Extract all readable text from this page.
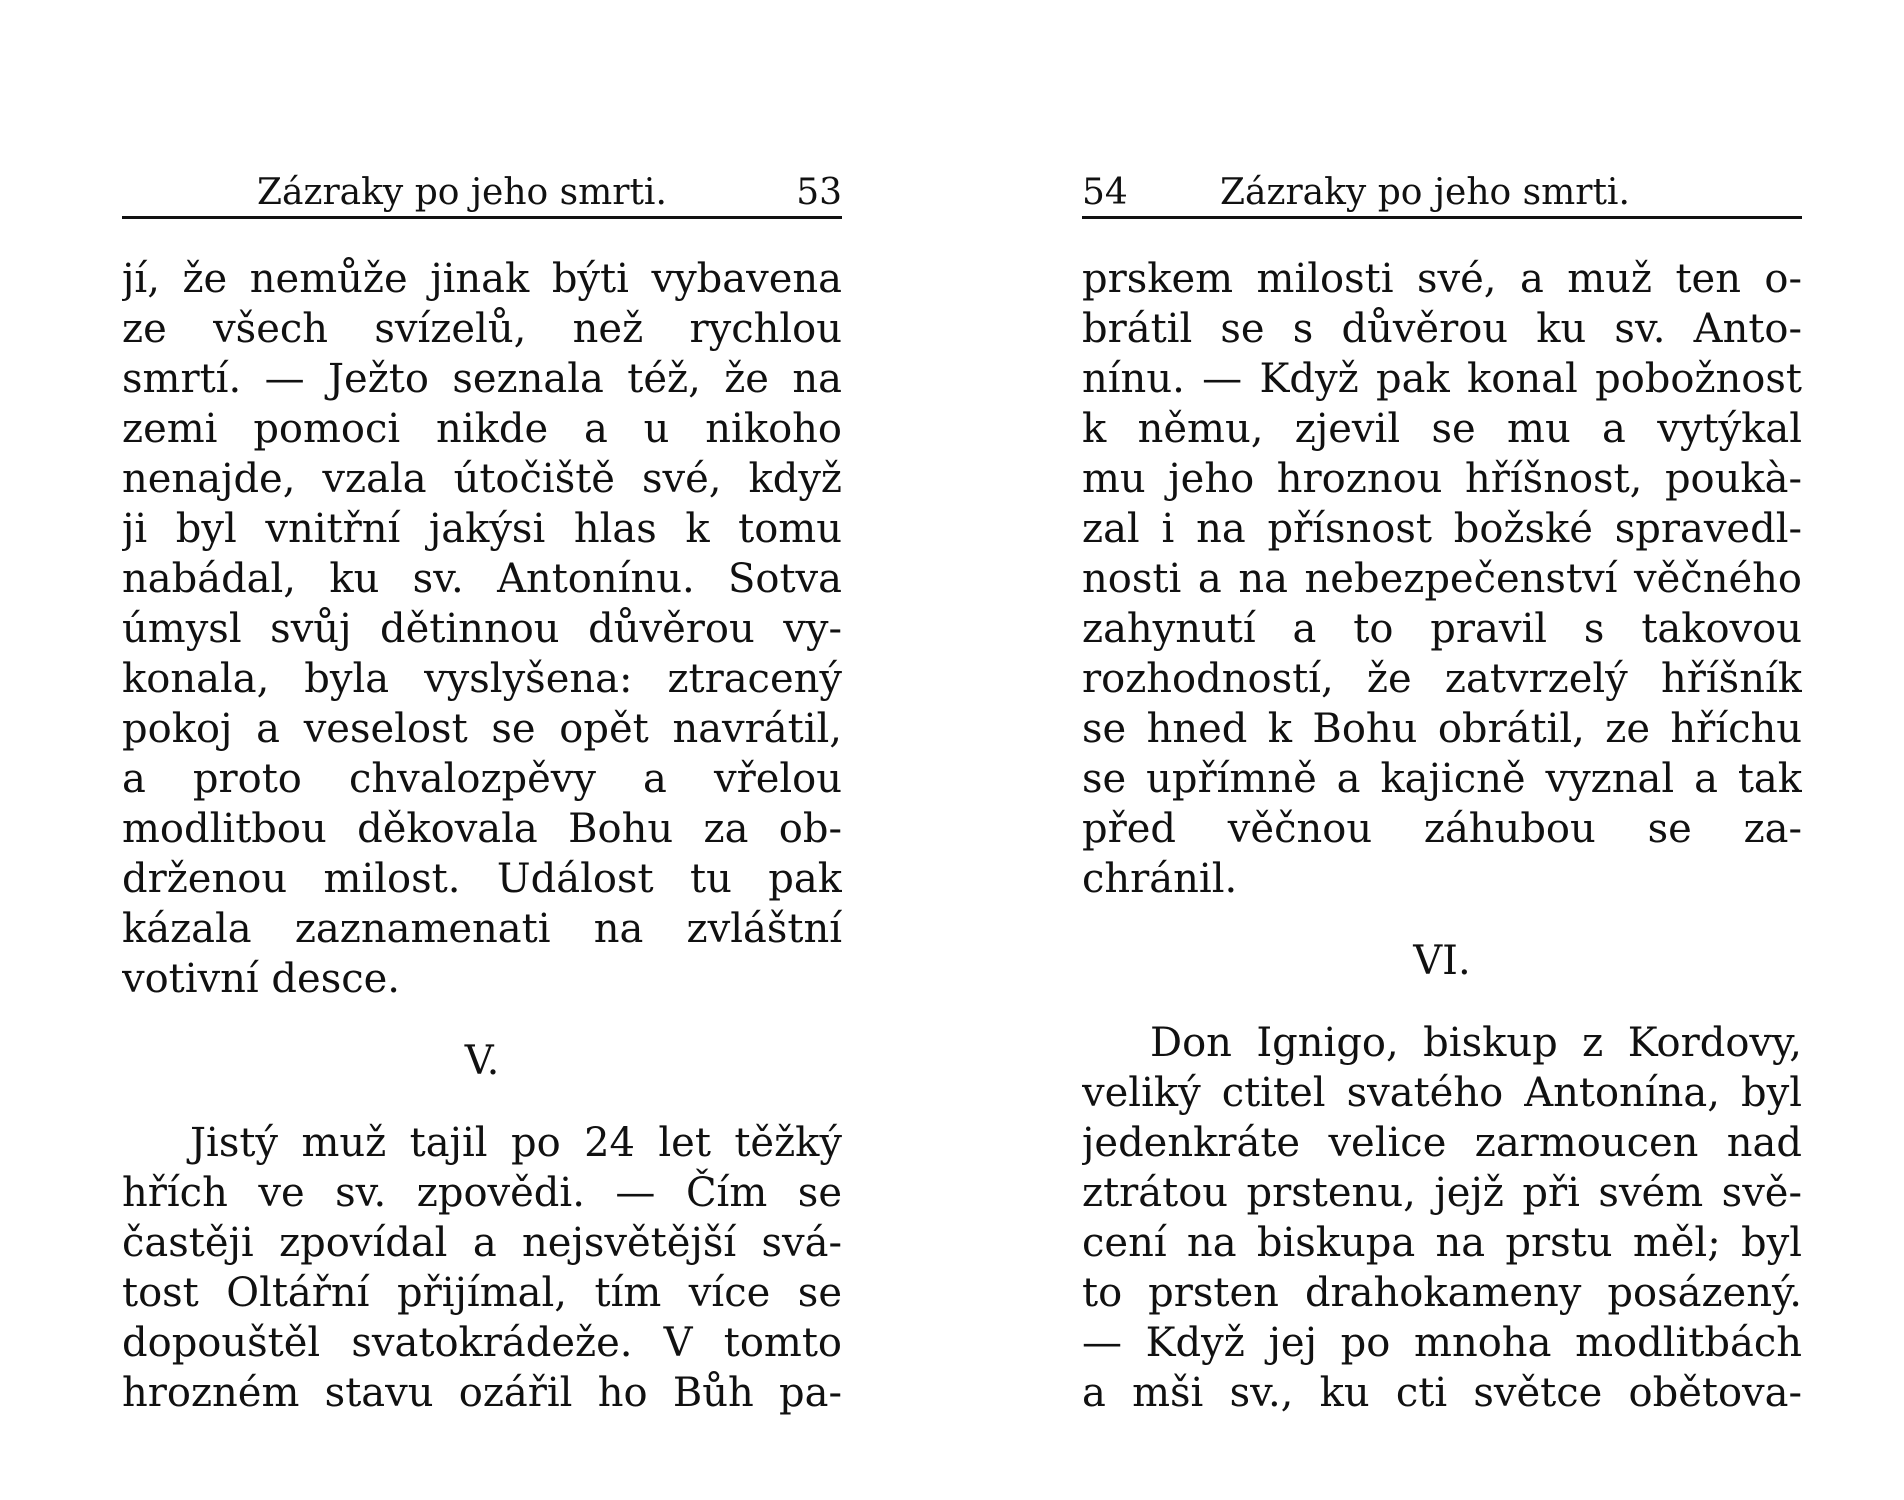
Zázraky po jeho smrti.	53
jí, že nemůže jinak býti vybavena
ze všech svízelů, než rychlou
smrtí. — Ježto seznala též, že na
zemi pomoci nikde a u nikoho
nenajde, vzala útočiště své, když
ji byl vnitřní jakýsi hlas k tomu
nabádal, ku sv. Antonínu. Sotva
úmysl svůj dětinnou důvěrou vy-
konala, byla vyslyšena: ztracený
pokoj a veselost se opět navrátil,
a proto chvalozpěvy a vřelou
modlitbou děkovala Bohu za ob-
drženou milost. Událost tu pak
kázala zaznamenati na zvláštní
votivní desce.
V.
Jistý muž tajil po 24 let těžký
hřích ve sv. zpovědi. — Čím se
častěji zpovídal a nejsvětější svá-
tost Oltářní přijímal, tím více se
dopouštěl svatokrádeže. V tomto
hrozném stavu ozářil ho Bůh pa-
54	Zázraky po jeho smrti.
prskem milosti své, a muž ten o-
brátil se s důvěrou ku sv. Anto-
nínu. — Když pak konal pobožnost
k němu, zjevil se mu a vytýkal
mu jeho hroznou hříšnost, poukà-
zal i na přísnost božské spravedl-
nosti a na nebezpečenství věčného
zahynutí a to pravil s takovou
rozhodností, že zatvrzelý hříšník
se hned k Bohu obrátil, ze hříchu
se upřímně a kajicně vyznal a tak
před věčnou záhubou se za-
chránil.
VI.
Don Ignigo, biskup z Kordovy,
veliký ctitel svatého Antonína, byl
jedenkráte velice zarmoucen nad
ztrátou prstenu, jejž při svém svě-
cení na biskupa na prstu měl; byl
to prsten drahokameny posázený.
— Když jej po mnoha modlitbách
a mši sv., ku cti světce obětova-
